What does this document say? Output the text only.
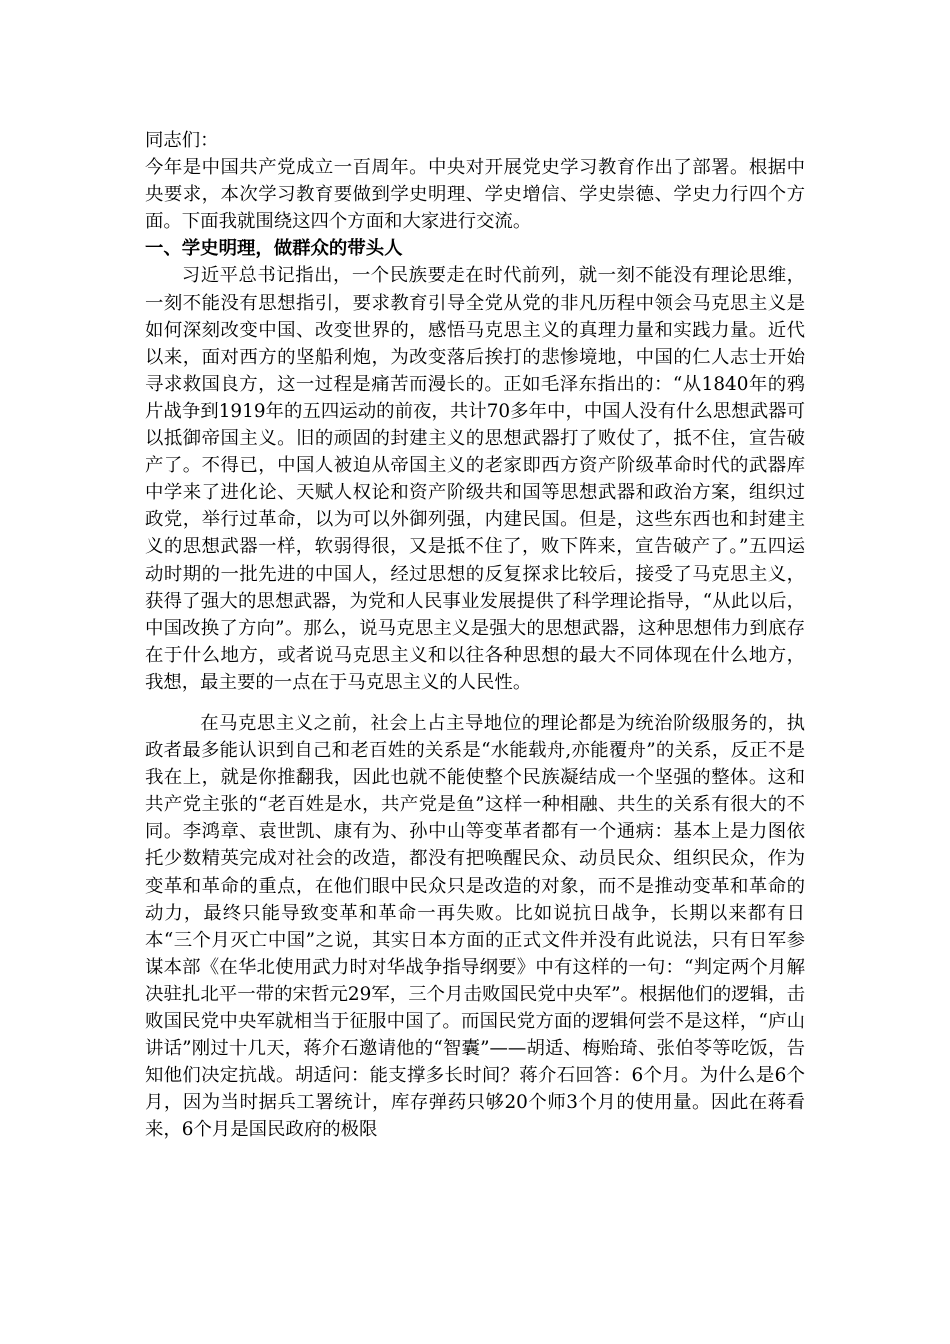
同志们：

今年是中国共产党成立一百周年。中央对开展党史学习教育作出了部署。根据中央要求，本次学习教育要做到学史明理、学史增信、学史崇德、学史力行四个方面。下面我就围绕这四个方面和大家进行交流。

一、学史明理，做群众的带头人

习近平总书记指出，一个民族要走在时代前列，就一刻不能没有理论思维，一刻不能没有思想指引，要求教育引导全党从党的非凡历程中领会马克思主义是如何深刻改变中国、改变世界的，感悟马克思主义的真理力量和实践力量。近代以来，面对西方的坚船利炮，为改变落后挨打的悲惨境地，中国的仁人志士开始寻求救国良方，这一过程是痛苦而漫长的。正如毛泽东指出的：“从1840年的鸦片战争到1919年的五四运动的前夜，共计70多年中，中国人没有什么思想武器可以抵御帝国主义。旧的顽固的封建主义的思想武器打了败仗了，抵不住，宣告破产了。不得已，中国人被迫从帝国主义的老家即西方资产阶级革命时代的武器库中学来了进化论、天赋人权论和资产阶级共和国等思想武器和政治方案，组织过政党，举行过革命，以为可以外御列强，内建民国。但是，这些东西也和封建主义的思想武器一样，软弱得很，又是抵不住了，败下阵来，宣告破产了。”五四运动时期的一批先进的中国人，经过思想的反复探求比较后，接受了马克思主义，获得了强大的思想武器，为党和人民事业发展提供了科学理论指导，“从此以后，中国改换了方向”。那么，说马克思主义是强大的思想武器，这种思想伟力到底存在于什么地方，或者说马克思主义和以往各种思想的最大不同体现在什么地方，我想，最主要的一点在于马克思主义的人民性。

在马克思主义之前，社会上占主导地位的理论都是为统治阶级服务的，执政者最多能认识到自己和老百姓的关系是“水能载舟,亦能覆舟”的关系，反正不是我在上，就是你推翻我，因此也就不能使整个民族凝结成一个坚强的整体。这和共产党主张的“老百姓是水，共产党是鱼”这样一种相融、共生的关系有很大的不同。李鸿章、袁世凯、康有为、孙中山等变革者都有一个通病：基本上是力图依托少数精英完成对社会的改造，都没有把唤醒民众、动员民众、组织民众，作为变革和革命的重点，在他们眼中民众只是改造的对象，而不是推动变革和革命的动力，最终只能导致变革和革命一再失败。比如说抗日战争，长期以来都有日本“三个月灭亡中国”之说，其实日本方面的正式文件并没有此说法，只有日军参谋本部《在华北使用武力时对华战争指导纲要》中有这样的一句：“判定两个月解决驻扎北平一带的宋哲元29军，三个月击败国民党中央军”。根据他们的逻辑，击败国民党中央军就相当于征服中国了。而国民党方面的逻辑何尝不是这样，“庐山讲话”刚过十几天，蒋介石邀请他的“智囊”——胡适、梅贻琦、张伯苓等吃饭，告知他们决定抗战。胡适问：能支撑多长时间？蒋介石回答：6个月。为什么是6个月，因为当时据兵工署统计，库存弹药只够20个师3个月的使用量。因此在蒋看来，6个月是国民政府的极限
